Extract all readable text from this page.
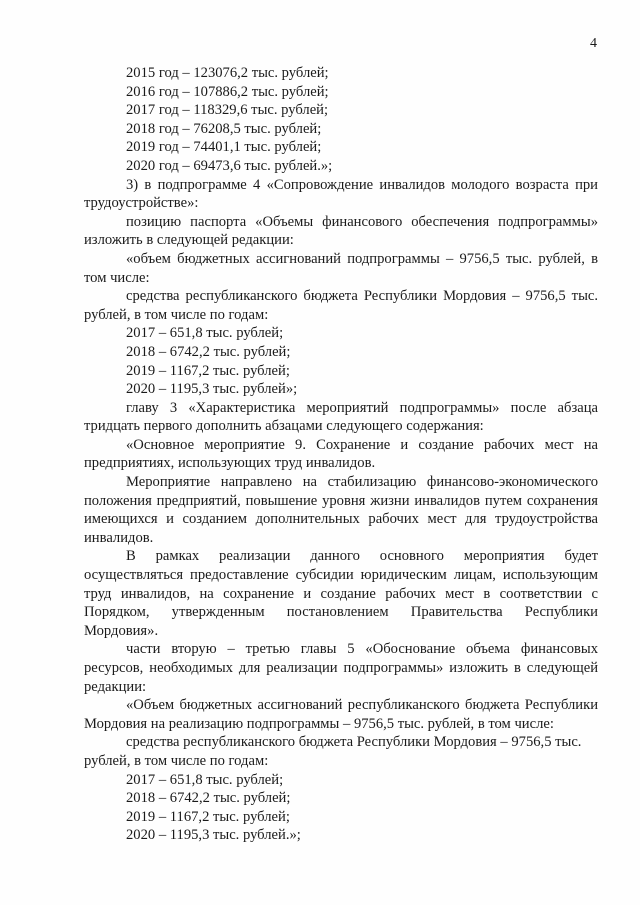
4
2015 год – 123076,2 тыс. рублей;
2016 год – 107886,2 тыс. рублей;
2017 год – 118329,6 тыс. рублей;
2018 год – 76208,5 тыс. рублей;
2019 год – 74401,1 тыс. рублей;
2020 год – 69473,6 тыс. рублей.»;

3) в подпрограмме 4 «Сопровождение инвалидов молодого возраста при трудоустройстве»:

позицию паспорта «Объемы финансового обеспечения подпрограммы» изложить в следующей редакции:

«объем бюджетных ассигнований подпрограммы – 9756,5 тыс. рублей, в том числе:

средства республиканского бюджета Республики Мордовия – 9756,5 тыс. рублей, в том числе по годам:

2017 – 651,8 тыс. рублей;
2018 – 6742,2 тыс. рублей;
2019 – 1167,2 тыс. рублей;
2020 – 1195,3 тыс. рублей»;

главу 3 «Характеристика мероприятий подпрограммы» после абзаца тридцать первого дополнить абзацами следующего содержания:

«Основное мероприятие 9. Сохранение и создание рабочих мест на предприятиях, использующих труд инвалидов.

Мероприятие направлено на стабилизацию финансово-экономического положения предприятий, повышение уровня жизни инвалидов путем сохранения имеющихся и созданием дополнительных рабочих мест для трудоустройства инвалидов.

В рамках реализации данного основного мероприятия будет осуществляться предоставление субсидии юридическим лицам, использующим труд инвалидов, на сохранение и создание рабочих мест в соответствии с Порядком, утвержденным постановлением Правительства Республики Мордовия».

части вторую – третью главы 5 «Обоснование объема финансовых ресурсов, необходимых для реализации подпрограммы» изложить в следующей редакции:

«Объем бюджетных ассигнований республиканского бюджета Республики Мордовия на реализацию подпрограммы – 9756,5 тыс. рублей, в том числе:

средства республиканского бюджета Республики Мордовия – 9756,5 тыс. рублей, в том числе по годам:

2017 – 651,8 тыс. рублей;
2018 – 6742,2 тыс. рублей;
2019 – 1167,2 тыс. рублей;
2020 – 1195,3 тыс. рублей.»;
